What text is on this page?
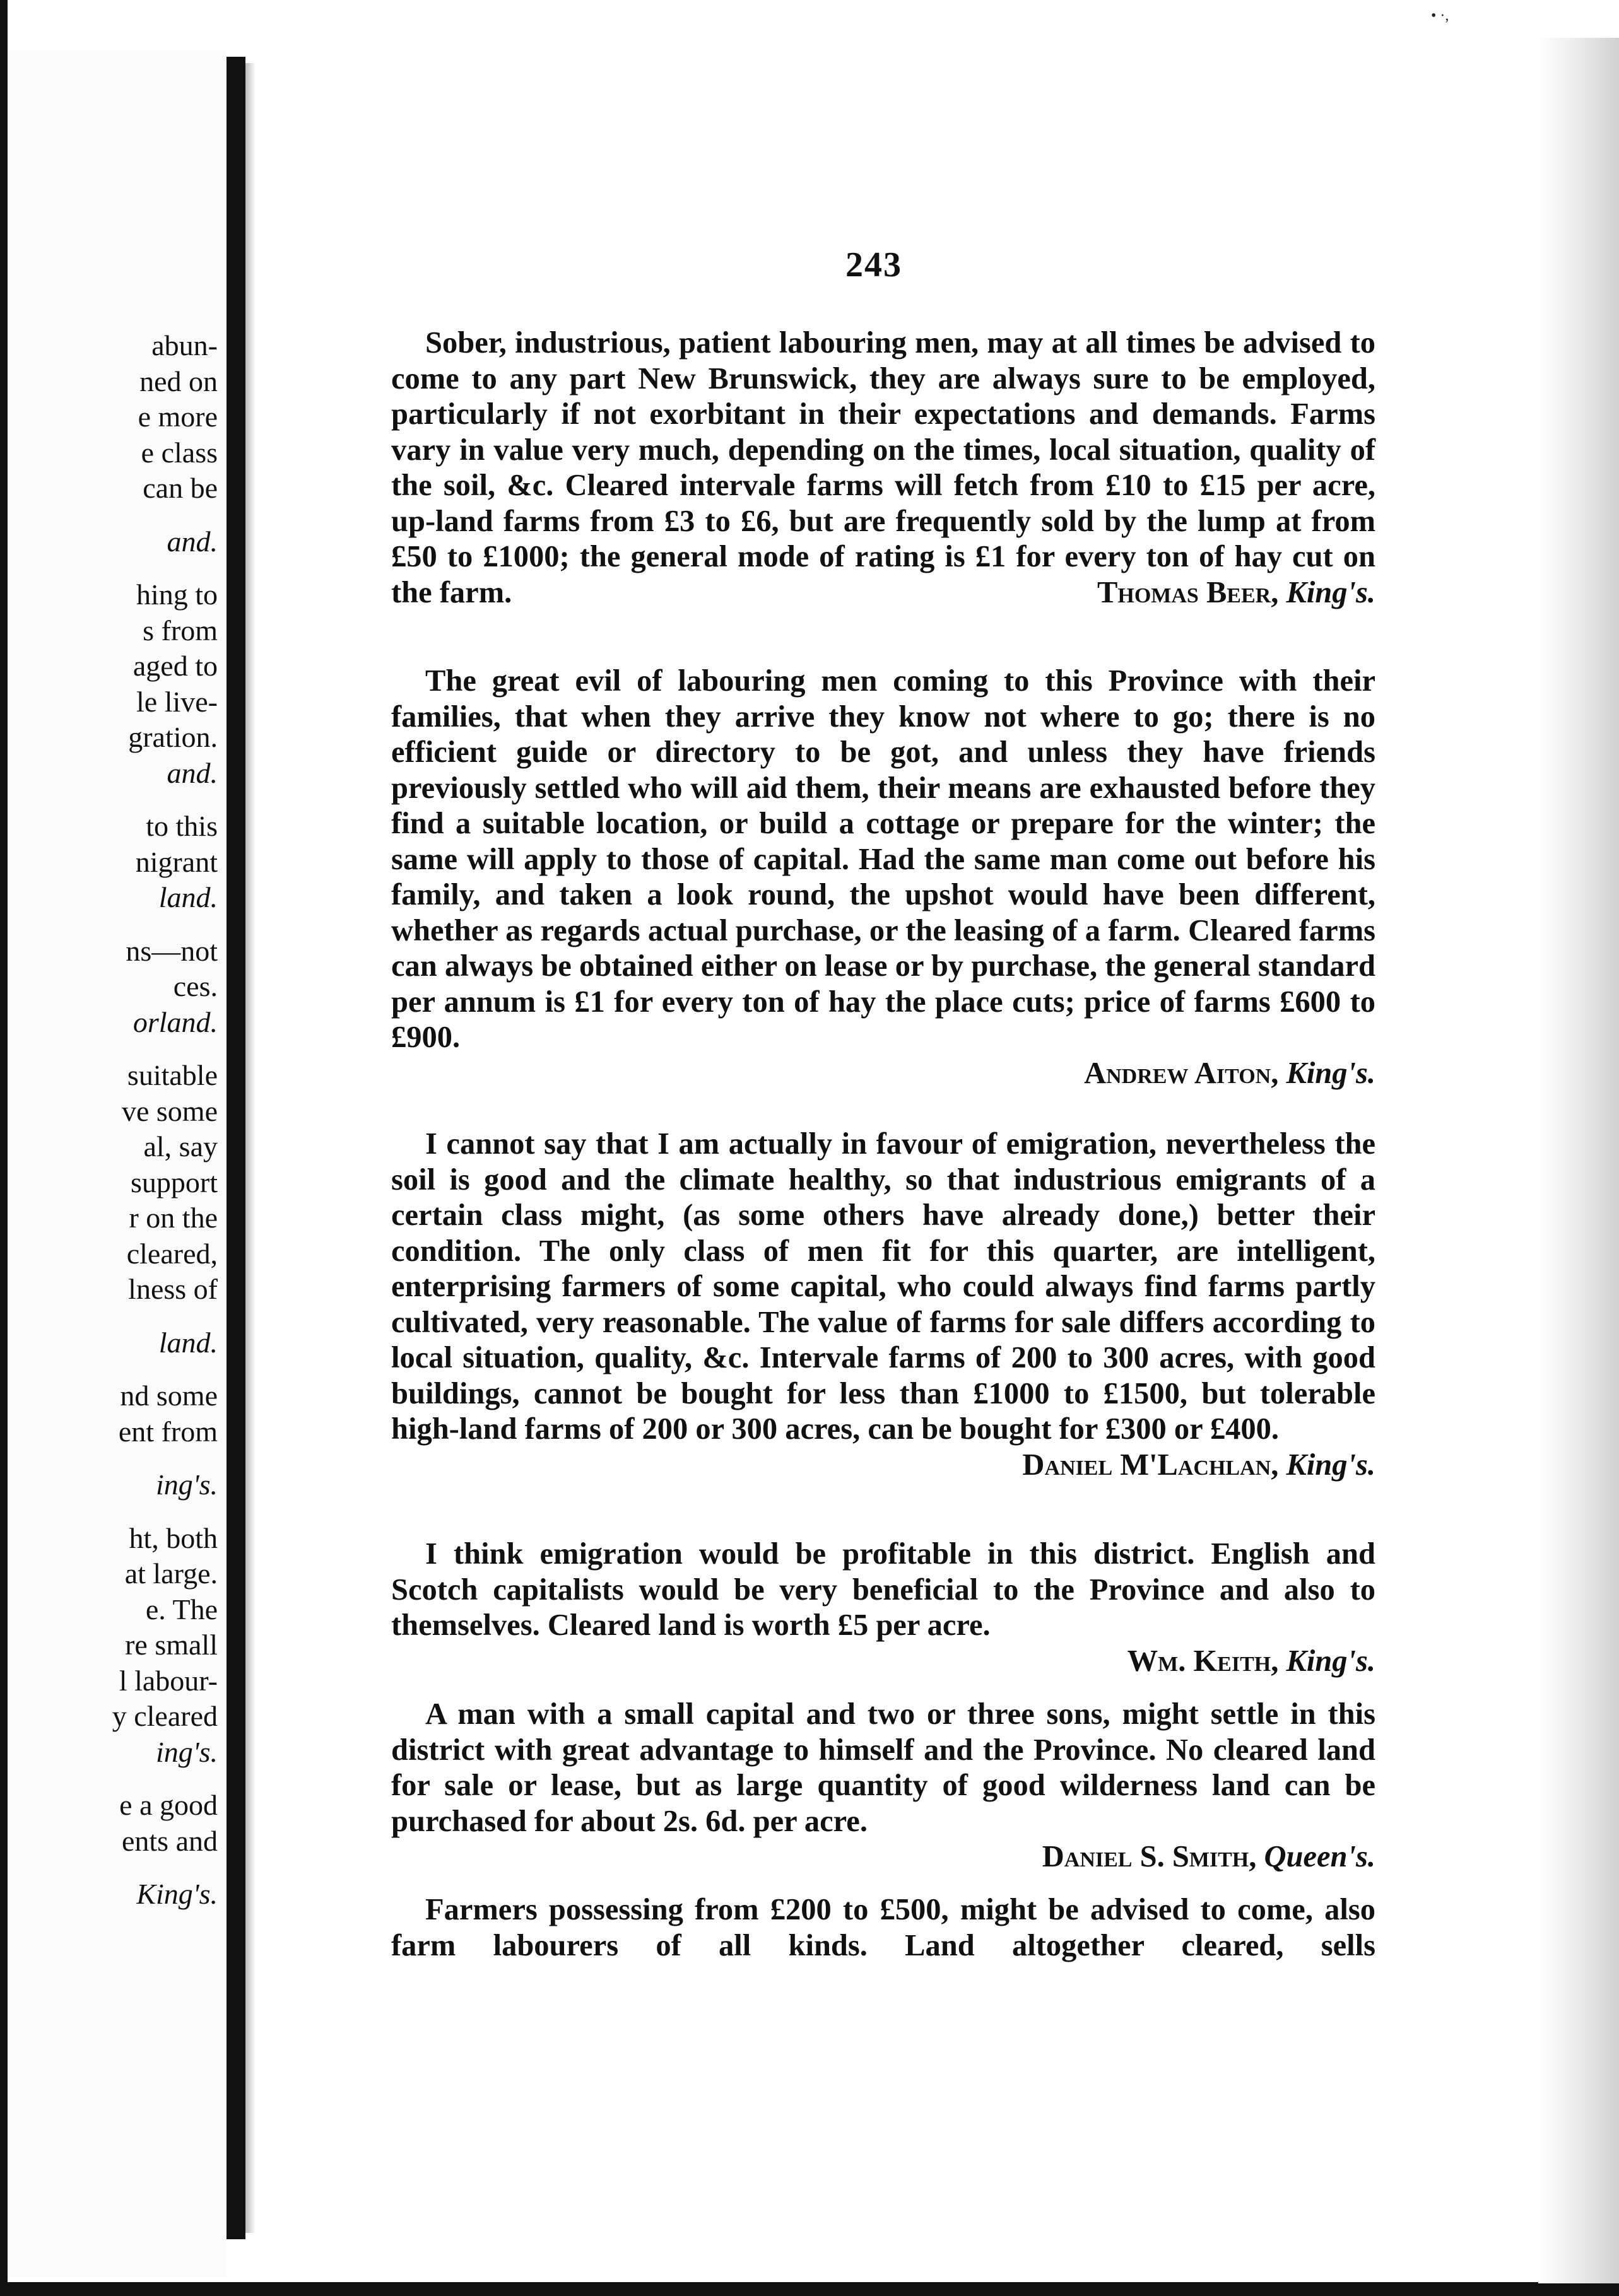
• ·,
abun-
ned on
e more
e class
can be
and.
hing to
s from
aged to
le live-
gration.
and.
to this
nigrant
land.
ns—not
ces.
orland.
suitable
ve some
al, say
support
r on the
cleared,
lness of
land.
nd some
ent from
ing's.
ht, both
at large.
e. The
re small
l labour-
y cleared
ing's.
e a good
ents and
King's.
243

Sober, industrious, patient labouring men, may at all times be advised to come to any part New Brunswick, they are always sure to be employed, particularly if not exorbitant in their expectations and demands. Farms vary in value very much, depending on the times, local situation, quality of the soil, &c. Cleared intervale farms will fetch from £10 to £15 per acre, up-land farms from £3 to £6, but are frequently sold by the lump at from £50 to £1000; the general mode of rating is £1 for every ton of hay cut on the farm.	Thomas Beer, King's.

The great evil of labouring men coming to this Province with their families, that when they arrive they know not where to go; there is no efficient guide or directory to be got, and unless they have friends previously settled who will aid them, their means are exhausted before they find a suitable location, or build a cottage or prepare for the winter; the same will apply to those of capital. Had the same man come out before his family, and taken a look round, the upshot would have been different, whether as regards actual purchase, or the leasing of a farm. Cleared farms can always be obtained either on lease or by purchase, the general standard per annum is £1 for every ton of hay the place cuts; price of farms £600 to £900.

Andrew Aiton, King's.

I cannot say that I am actually in favour of emigration, nevertheless the soil is good and the climate healthy, so that industrious emigrants of a certain class might, (as some others have already done,) better their condition. The only class of men fit for this quarter, are intelligent, enterprising farmers of some capital, who could always find farms partly cultivated, very reasonable. The value of farms for sale differs according to local situation, quality, &c. Intervale farms of 200 to 300 acres, with good buildings, cannot be bought for less than £1000 to £1500, but tolerable high-land farms of 200 or 300 acres, can be bought for £300 or £400.

Daniel M'Lachlan, King's.

I think emigration would be profitable in this district. English and Scotch capitalists would be very beneficial to the Province and also to themselves. Cleared land is worth £5 per acre.

Wm. Keith, King's.

A man with a small capital and two or three sons, might settle in this district with great advantage to himself and the Province. No cleared land for sale or lease, but as large quantity of good wilderness land can be purchased for about 2s. 6d. per acre.

Daniel S. Smith, Queen's.

Farmers possessing from £200 to £500, might be advised to come, also farm labourers of all kinds. Land altogether cleared, sells
